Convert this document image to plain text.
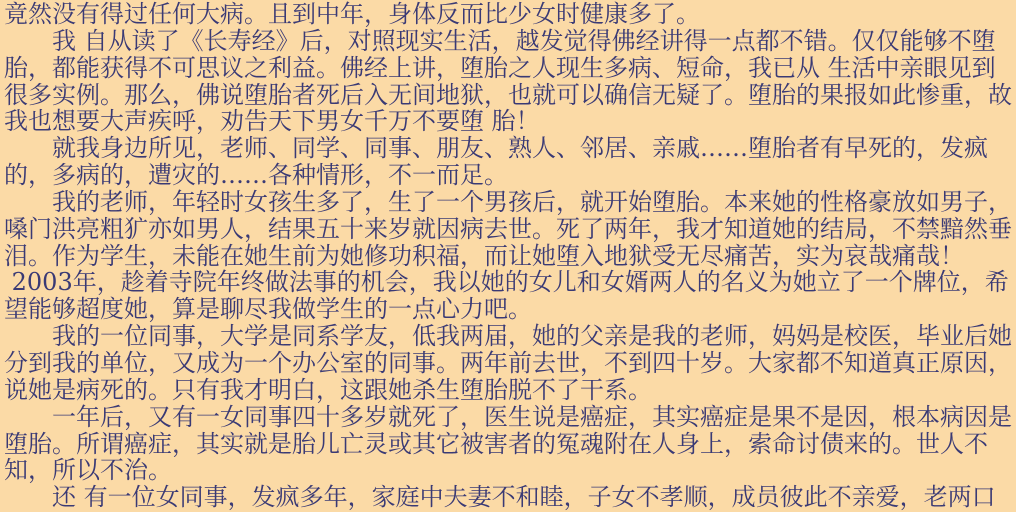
竟然没有得过任何大病。且到中年，身体反而比少女时健康多了。
　　我 自从读了《长寿经》后，对照现实生活，越发觉得佛经讲得一点都不错。仅仅能够不堕
胎，都能获得不可思议之利益。佛经上讲，堕胎之人现生多病、短命，我已从 生活中亲眼见到
很多实例。那么，佛说堕胎者死后入无间地狱，也就可以确信无疑了。堕胎的果报如此惨重，故
我也想要大声疾呼，劝告天下男女千万不要堕 胎！
　　就我身边所见，老师、同学、同事、朋友、熟人、邻居、亲戚……堕胎者有早死的，发疯
的，多病的，遭灾的……各种情形，不一而足。
　　我的老师，年轻时女孩生多了，生了一个男孩后，就开始堕胎。本来她的性格豪放如男子，
嗓门洪亮粗犷亦如男人，结果五十来岁就因病去世。死了两年，我才知道她的结局，不禁黯然垂
泪。作为学生，未能在她生前为她修功积福，而让她堕入地狱受无尽痛苦，实为哀哉痛哉！
2003年，趁着寺院年终做法事的机会，我以她的女儿和女婿两人的名义为她立了一个牌位，希
望能够超度她，算是聊尽我做学生的一点心力吧。
　　我的一位同事，大学是同系学友，低我两届，她的父亲是我的老师，妈妈是校医，毕业后她
分到我的单位，又成为一个办公室的同事。两年前去世，不到四十岁。大家都不知道真正原因，
说她是病死的。只有我才明白，这跟她杀生堕胎脱不了干系。
　　一年后，又有一女同事四十多岁就死了，医生说是癌症，其实癌症是果不是因，根本病因是
堕胎。所谓癌症，其实就是胎儿亡灵或其它被害者的冤魂附在人身上，索命讨债来的。世人不
知，所以不治。
　　还 有一位女同事，发疯多年，家庭中夫妻不和睦，子女不孝顺，成员彼此不亲爱，老两口
